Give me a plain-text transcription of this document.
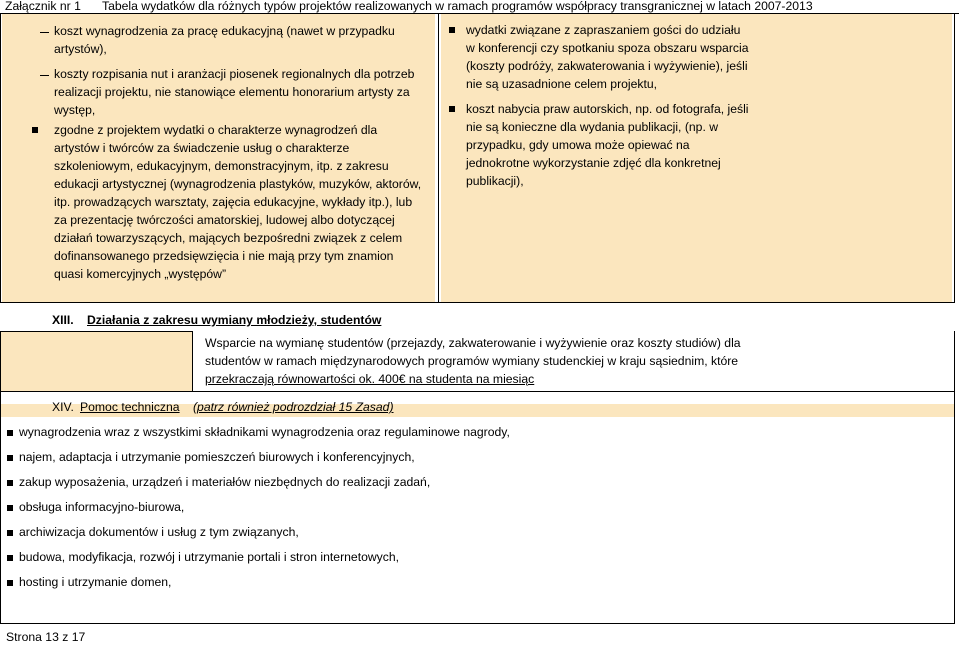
Załącznik nr 1 Tabela wydatków dla różnych typów projektów realizowanych w ramach programów współpracy transgranicznej w latach 2007-2013
koszt wynagrodzenia za pracę edukacyjną (nawet w przypadku
artystów),
koszty rozpisania nut i aranżacji piosenek regionalnych dla potrzeb
realizacji projektu, nie stanowiące elementu honorarium artysty za
występ,
zgodne z projektem wydatki o charakterze wynagrodzeń dla
artystów i twórców za świadczenie usług o charakterze
szkoleniowym, edukacyjnym, demonstracyjnym, itp. z zakresu
edukacji artystycznej (wynagrodzenia plastyków, muzyków, aktorów,
itp. prowadzących warsztaty, zajęcia edukacyjne, wykłady itp.), lub
za prezentację twórczości amatorskiej, ludowej albo dotyczącej
działań towarzyszących, mających bezpośredni związek z celem
dofinansowanego przedsięwzięcia i nie mają przy tym znamion
quasi komercyjnych „występów”
wydatki związane z zapraszaniem gości do udziału
w konferencji czy spotkaniu spoza obszaru wsparcia
(koszty podróży, zakwaterowania i wyżywienie), jeśli
nie są uzasadnione celem projektu,
koszt nabycia praw autorskich, np. od fotografa, jeśli
nie są konieczne dla wydania publikacji, (np. w
przypadku, gdy umowa może opiewać na
jednokrotne wykorzystanie zdjęć dla konkretnej
publikacji),
XIII. Działania z zakresu wymiany młodzieży, studentów
Wsparcie na wymianę studentów (przejazdy, zakwaterowanie i wyżywienie oraz koszty studiów) dla
studentów w ramach międzynarodowych programów wymiany studenckiej w kraju sąsiednim, które
przekraczają równowartości ok. 400€ na studenta na miesiąc
XIV. Pomoc techniczna (patrz również podrozdział 15 Zasad)
wynagrodzenia wraz z wszystkimi składnikami wynagrodzenia oraz regulaminowe nagrody,
najem, adaptacja i utrzymanie pomieszczeń biurowych i konferencyjnych,
zakup wyposażenia, urządzeń i materiałów niezbędnych do realizacji zadań,
obsługa informacyjno-biurowa,
archiwizacja dokumentów i usług z tym związanych,
budowa, modyfikacja, rozwój i utrzymanie portali i stron internetowych,
hosting i utrzymanie domen,
Strona 13 z 17
